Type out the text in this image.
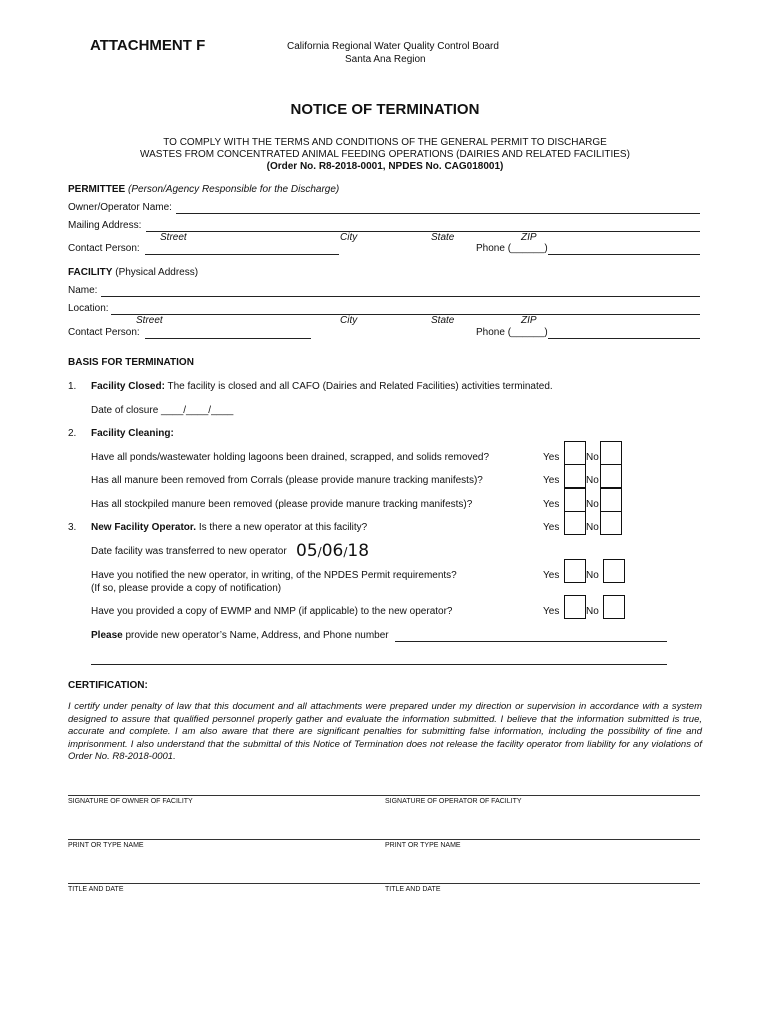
ATTACHMENT F	California Regional Water Quality Control Board
Santa Ana Region
NOTICE OF TERMINATION
TO COMPLY WITH THE TERMS AND CONDITIONS OF THE GENERAL PERMIT TO DISCHARGE
WASTES FROM CONCENTRATED ANIMAL FEEDING OPERATIONS (DAIRIES AND RELATED FACILITIES)
(Order No. R8-2018-0001, NPDES No. CAG018001)
PERMITTEE (Person/Agency Responsible for the Discharge)
Owner/Operator Name:
Mailing Address:
Street	City	State	ZIP
Contact Person:	Phone (______)
FACILITY (Physical Address)
Name:
Location:
Street	City	State	ZIP
Contact Person:	Phone (______)
BASIS FOR TERMINATION
1. Facility Closed: The facility is closed and all CAFO (Dairies and Related Facilities) activities terminated.
Date of closure ____/____/____
2. Facility Cleaning:
Have all ponds/wastewater holding lagoons been drained, scrapped, and solids removed?	Yes	No
Has all manure been removed from Corrals (please provide manure tracking manifests)?	Yes	No
Has all stockpiled manure been removed (please provide manure tracking manifests)?	Yes	No
3. New Facility Operator. Is there a new operator at this facility?	Yes	No
Date facility was transferred to new operator 05/06/18
Have you notified the new operator, in writing, of the NPDES Permit requirements?
(If so, please provide a copy of notification)
Yes	No
Have you provided a copy of EWMP and NMP (if applicable) to the new operator?	Yes	No
Please provide new operator’s Name, Address, and Phone number
CERTIFICATION:
I certify under penalty of law that this document and all attachments were prepared under my direction or supervision in accordance with a system designed to assure that qualified personnel properly gather and evaluate the information submitted. I believe that the information submitted is true, accurate and complete. I am also aware that there are significant penalties for submitting false information, including the possibility of fine and imprisonment. I also understand that the submittal of this Notice of Termination does not release the facility operator from liability for any violations of Order No. R8-2018-0001.
SIGNATURE OF OWNER OF FACILITY	SIGNATURE OF OPERATOR OF FACILITY
PRINT OR TYPE NAME	PRINT OR TYPE NAME
TITLE AND DATE	TITLE AND DATE
